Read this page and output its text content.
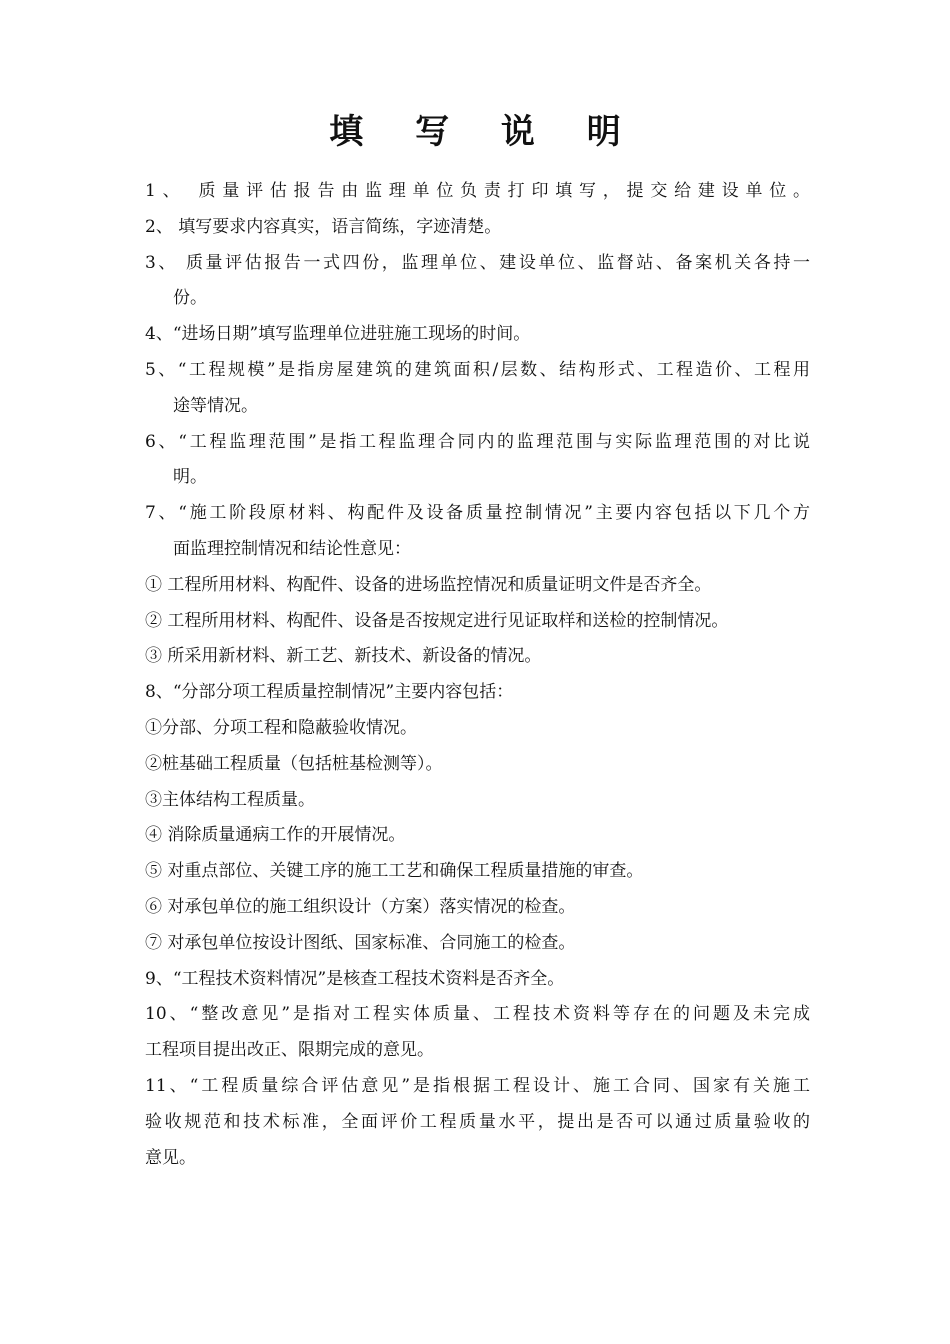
填 写 说 明
1、 质量评估报告由监理单位负责打印填写，提交给建设单位。
2、 填写要求内容真实，语言简练，字迹清楚。
3、 质量评估报告一式四份，监理单位、建设单位、监督站、备案机关各持一
份。
4、“进场日期”填写监理单位进驻施工现场的时间。
5、“工程规模”是指房屋建筑的建筑面积/层数、结构形式、工程造价、工程用
途等情况。
6、“工程监理范围”是指工程监理合同内的监理范围与实际监理范围的对比说
明。
7、“施工阶段原材料、构配件及设备质量控制情况”主要内容包括以下几个方
面监理控制情况和结论性意见：
① 工程所用材料、构配件、设备的进场监控情况和质量证明文件是否齐全。
② 工程所用材料、构配件、设备是否按规定进行见证取样和送检的控制情况。
③ 所采用新材料、新工艺、新技术、新设备的情况。
8、“分部分项工程质量控制情况”主要内容包括：
①分部、分项工程和隐蔽验收情况。
②桩基础工程质量（包括桩基检测等）。
③主体结构工程质量。
④ 消除质量通病工作的开展情况。
⑤ 对重点部位、关键工序的施工工艺和确保工程质量措施的审查。
⑥ 对承包单位的施工组织设计（方案）落实情况的检查。
⑦ 对承包单位按设计图纸、国家标准、合同施工的检查。
9、“工程技术资料情况”是核查工程技术资料是否齐全。
10、“整改意见”是指对工程实体质量、工程技术资料等存在的问题及未完成
工程项目提出改正、限期完成的意见。
11、“工程质量综合评估意见”是指根据工程设计、施工合同、国家有关施工
验收规范和技术标准，全面评价工程质量水平，提出是否可以通过质量验收的
意见。
